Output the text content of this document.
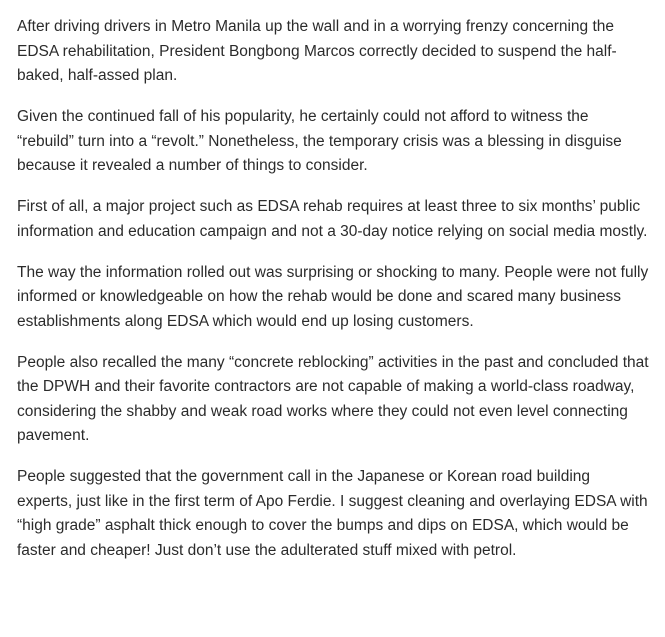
After driving drivers in Metro Manila up the wall and in a worrying frenzy concerning the EDSA rehabilitation, President Bongbong Marcos correctly decided to suspend the half-baked, half-assed plan.

Given the continued fall of his popularity, he certainly could not afford to witness the “rebuild” turn into a “revolt.” Nonetheless, the temporary crisis was a blessing in disguise because it revealed a number of things to consider.

First of all, a major project such as EDSA rehab requires at least three to six months’ public information and education campaign and not a 30-day notice relying on social media mostly.

The way the information rolled out was surprising or shocking to many. People were not fully informed or knowledgeable on how the rehab would be done and scared many business establishments along EDSA which would end up losing customers.

People also recalled the many “concrete reblocking” activities in the past and concluded that the DPWH and their favorite contractors are not capable of making a world-class roadway, considering the shabby and weak road works where they could not even level connecting pavement.

People suggested that the government call in the Japanese or Korean road building experts, just like in the first term of Apo Ferdie. I suggest cleaning and overlaying EDSA with “high grade” asphalt thick enough to cover the bumps and dips on EDSA, which would be faster and cheaper! Just don’t use the adulterated stuff mixed with petrol.
